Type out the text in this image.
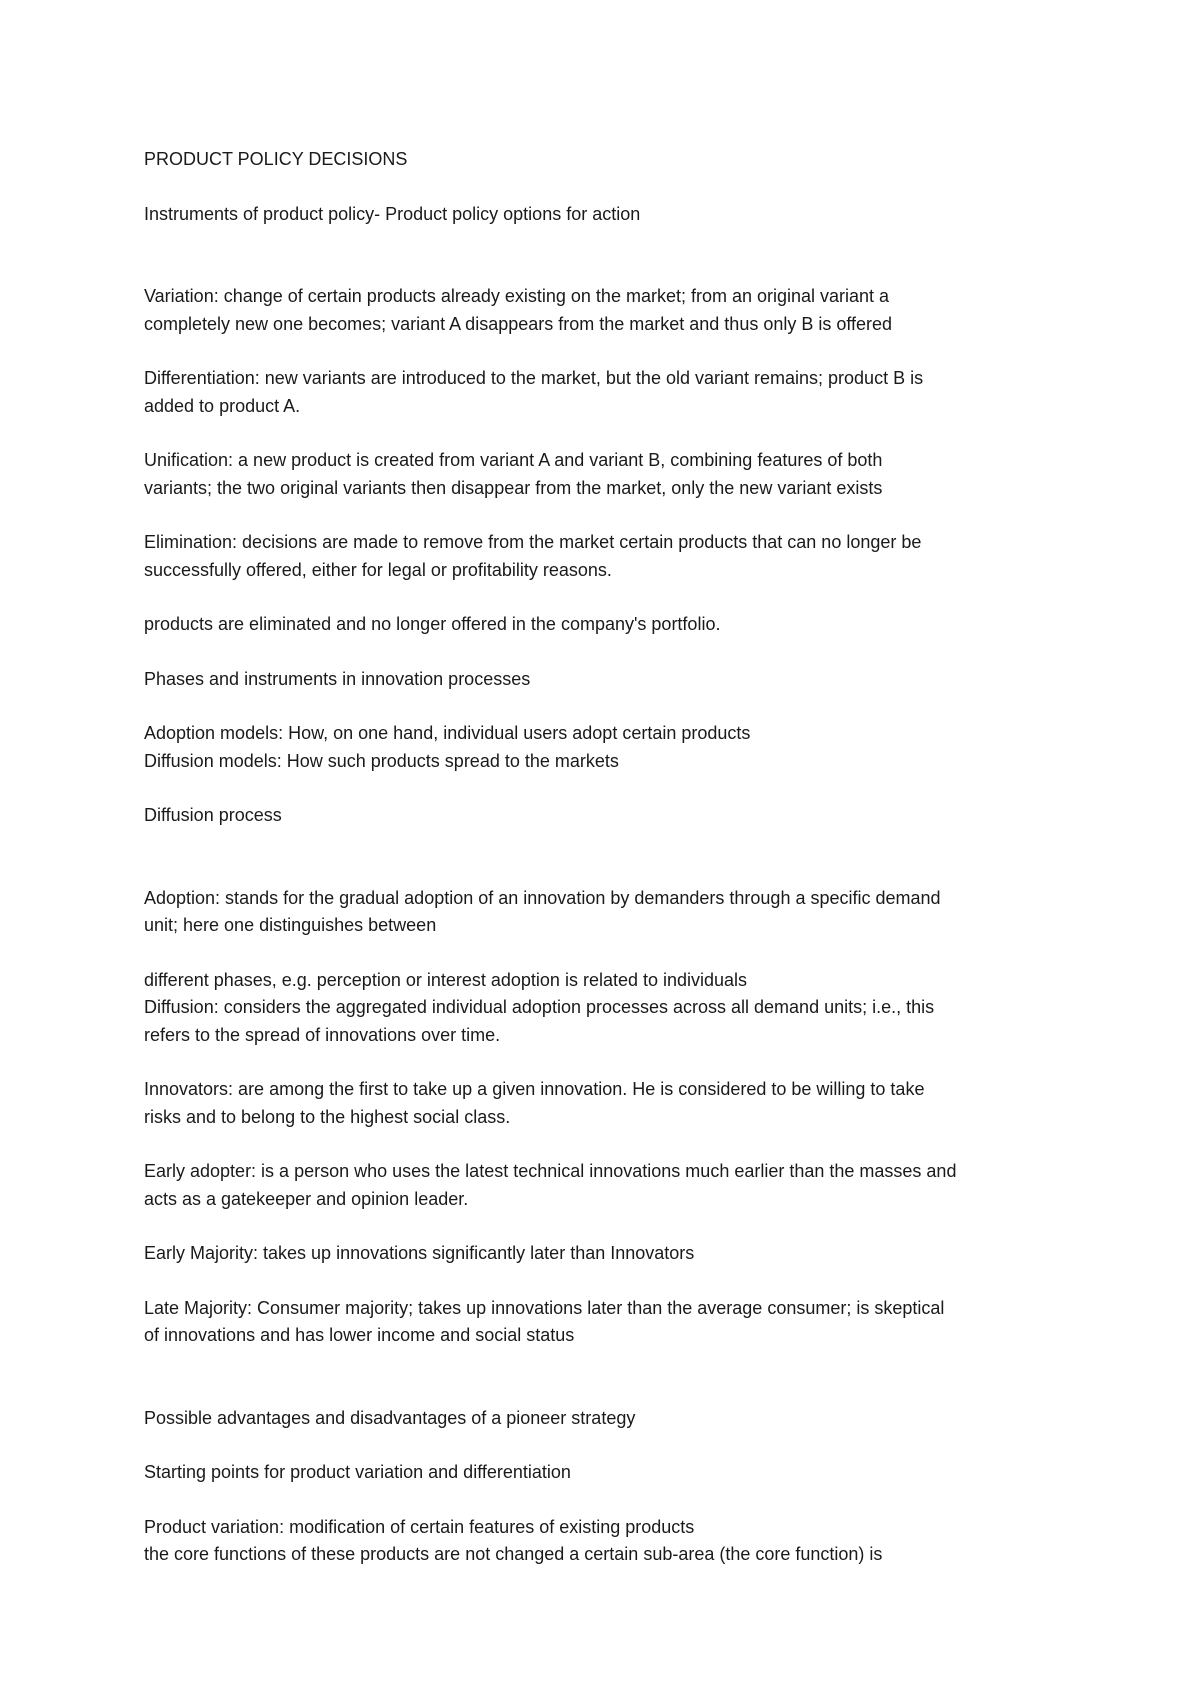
PRODUCT POLICY DECISIONS

Instruments of product policy- Product policy options for action

Variation: change of certain products already existing on the market; from an original variant a
completely new one becomes; variant A disappears from the market and thus only B is offered

Differentiation: new variants are introduced to the market, but the old variant remains; product B is
added to product A.

Unification: a new product is created from variant A and variant B, combining features of both
variants; the two original variants then disappear from the market, only the new variant exists

Elimination: decisions are made to remove from the market certain products that can no longer be
successfully offered, either for legal or profitability reasons.

products are eliminated and no longer offered in the company's portfolio.

Phases and instruments in innovation processes

Adoption models: How, on one hand, individual users adopt certain products

Diffusion models: How such products spread to the markets

Diffusion process

Adoption: stands for the gradual adoption of an innovation by demanders through a specific demand
unit; here one distinguishes between

different phases, e.g. perception or interest adoption is related to individuals

Diffusion: considers the aggregated individual adoption processes across all demand units; i.e., this
refers to the spread of innovations over time.

Innovators: are among the first to take up a given innovation. He is considered to be willing to take
risks and to belong to the highest social class.

Early adopter: is a person who uses the latest technical innovations much earlier than the masses and
acts as a gatekeeper and opinion leader.

Early Majority: takes up innovations significantly later than Innovators

Late Majority: Consumer majority; takes up innovations later than the average consumer; is skeptical
of innovations and has lower income and social status

Possible advantages and disadvantages of a pioneer strategy

Starting points for product variation and differentiation

Product variation: modification of certain features of existing products

the core functions of these products are not changed a certain sub-area (the core function) is
